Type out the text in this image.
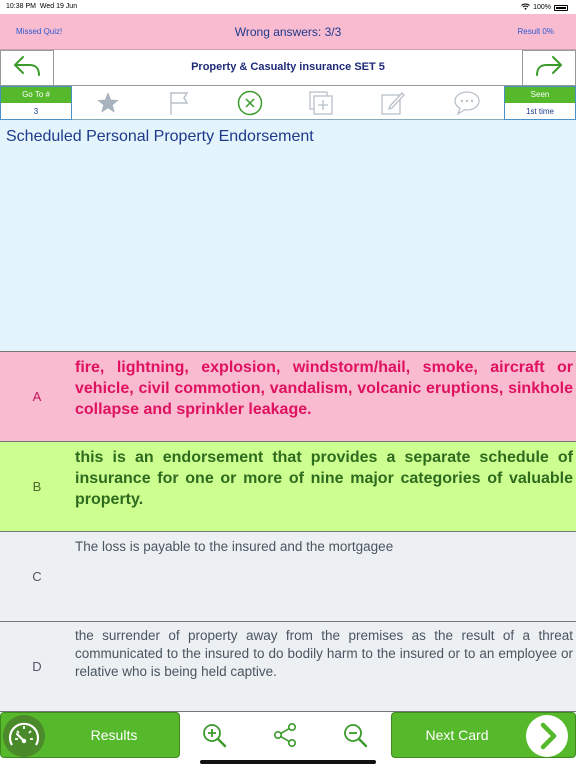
10:38 PM Wed 19 Jun	100%
Missed Quiz!	Wrong answers: 3/3	Result 0%
Property & Casualty insurance SET 5
Go To #
3
Seen
1st time
Scheduled Personal Property Endorsement
A
fire, lightning, explosion, windstorm/hail, smoke, aircraft or vehicle, civil commotion, vandalism, volcanic eruptions, sinkhole collapse and sprinkler leakage.
B
this is an endorsement that provides a separate schedule of insurance for one or more of nine major categories of valuable property.
C
The loss is payable to the insured and the mortgagee
D
the surrender of property away from the premises as the result of a threat communicated to the insured to do bodily harm to the insured or to an employee or relative who is being held captive.
Results	Next Card
